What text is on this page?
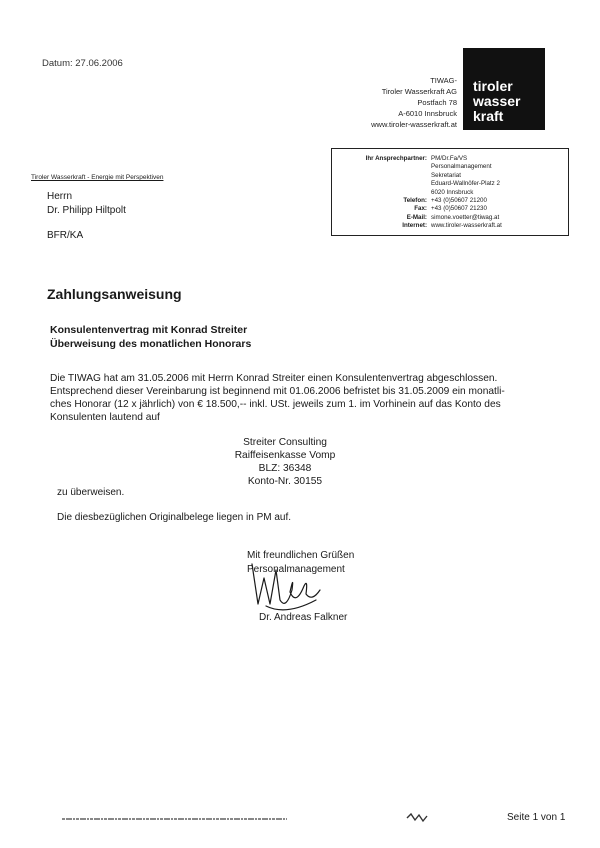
Datum: 27.06.2006
TIWAG-
Tiroler Wasserkraft AG
Postfach 78
A-6010 Innsbruck
www.tiroler-wasserkraft.at
tiroler
wasser
kraft
Ihr Ansprechpartner: PM/Dr.Fa/VS
Personalmanagement
Sekretariat
Eduard-Wallnöfer-Platz 2
6020 Innsbruck
Telefon: +43 (0)50607 21200
Fax: +43 (0)50607 21230
E-Mail: simone.voetter@tiwag.at
Internet: www.tiroler-wasserkraft.at
Tiroler Wasserkraft - Energie mit Perspektiven
Herrn
Dr. Philipp Hiltpolt
BFR/KA
Zahlungsanweisung
Konsulentenvertrag mit Konrad Streiter
Überweisung des monatlichen Honorars
Die TIWAG hat am 31.05.2006 mit Herrn Konrad Streiter einen Konsulentenvertrag abgeschlossen.
Entsprechend dieser Vereinbarung ist beginnend mit 01.06.2006 befristet bis 31.05.2009 ein monatli-
ches Honorar (12 x jährlich) von € 18.500,-- inkl. USt. jeweils zum 1. im Vorhinein auf das Konto des
Konsulenten lautend auf
Streiter Consulting
Raiffeisenkasse Vomp
BLZ: 36348
Konto-Nr. 30155
zu überweisen.
Die diesbezüglichen Originalbelege liegen in PM auf.
Mit freundlichen Grüßen
Personalmanagement
Dr. Andreas Falkner
Seite 1 von 1
